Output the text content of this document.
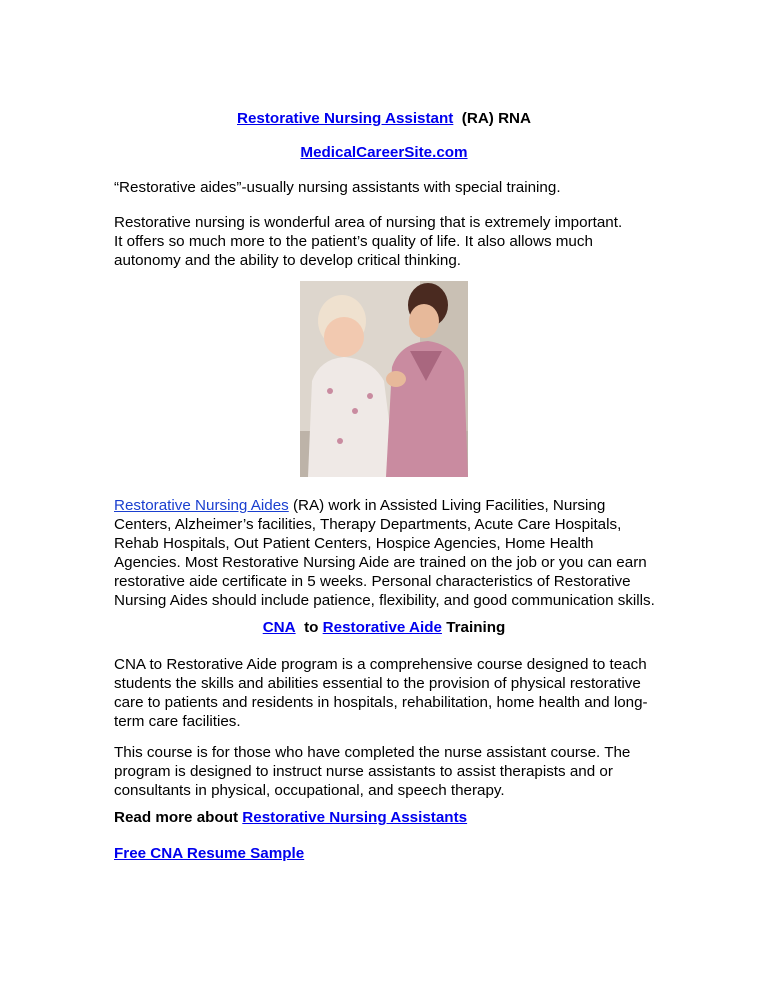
Restorative Nursing Assistant (RA) RNA
MedicalCareerSite.com
“Restorative aides”-usually nursing assistants with special training.
Restorative nursing is wonderful area of nursing that is extremely important.
It offers so much more to the patient’s quality of life. It also allows much
autonomy and the ability to develop critical thinking.
Restorative Nursing Aides (RA) work in Assisted Living Facilities, Nursing
Centers, Alzheimer’s facilities, Therapy Departments, Acute Care Hospitals,
Rehab Hospitals, Out Patient Centers, Hospice Agencies, Home Health
Agencies. Most Restorative Nursing Aide are trained on the job or you can earn
restorative aide certificate in 5 weeks. Personal characteristics of Restorative
Nursing Aides should include patience, flexibility, and good communication skills.
CNA to Restorative Aide Training
CNA to Restorative Aide program is a comprehensive course designed to teach
students the skills and abilities essential to the provision of physical restorative
care to patients and residents in hospitals, rehabilitation, home health and long-
term care facilities.
This course is for those who have completed the nurse assistant course. The
program is designed to instruct nurse assistants to assist therapists and or
consultants in physical, occupational, and speech therapy.
Read more about Restorative Nursing Assistants
Free CNA Resume Sample
